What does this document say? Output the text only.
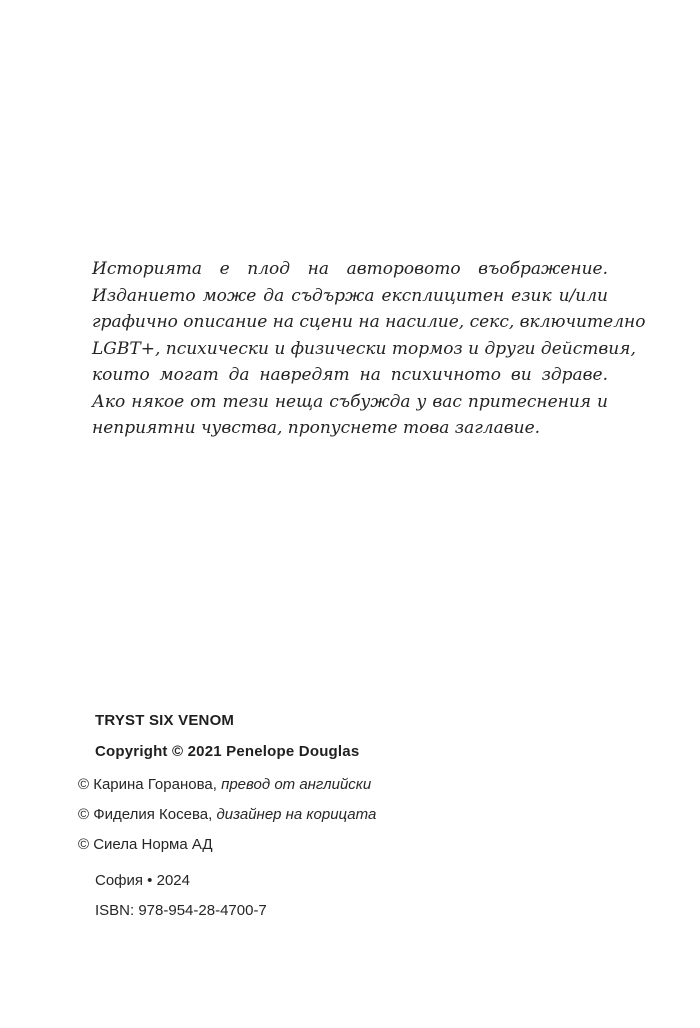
Историята е плод на авторовото въображение.
Изданието може да съдържа експлицитен език и/или
графично описание на сцени на насилие, секс, включително
LGBT+, психически и физически тормоз и други действия,
които могат да навредят на психичното ви здраве.
Ако някое от тези неща събужда у вас притеснения и
неприятни чувства, пропуснете това заглавие.

TRYST SIX VENOM

Copyright © 2021 Penelope Douglas

© Карина Горанова, превод от английски

© Фиделия Косева, дизайнер на корицата

© Сиела Норма АД

София • 2024

ISBN: 978-954-28-4700-7
